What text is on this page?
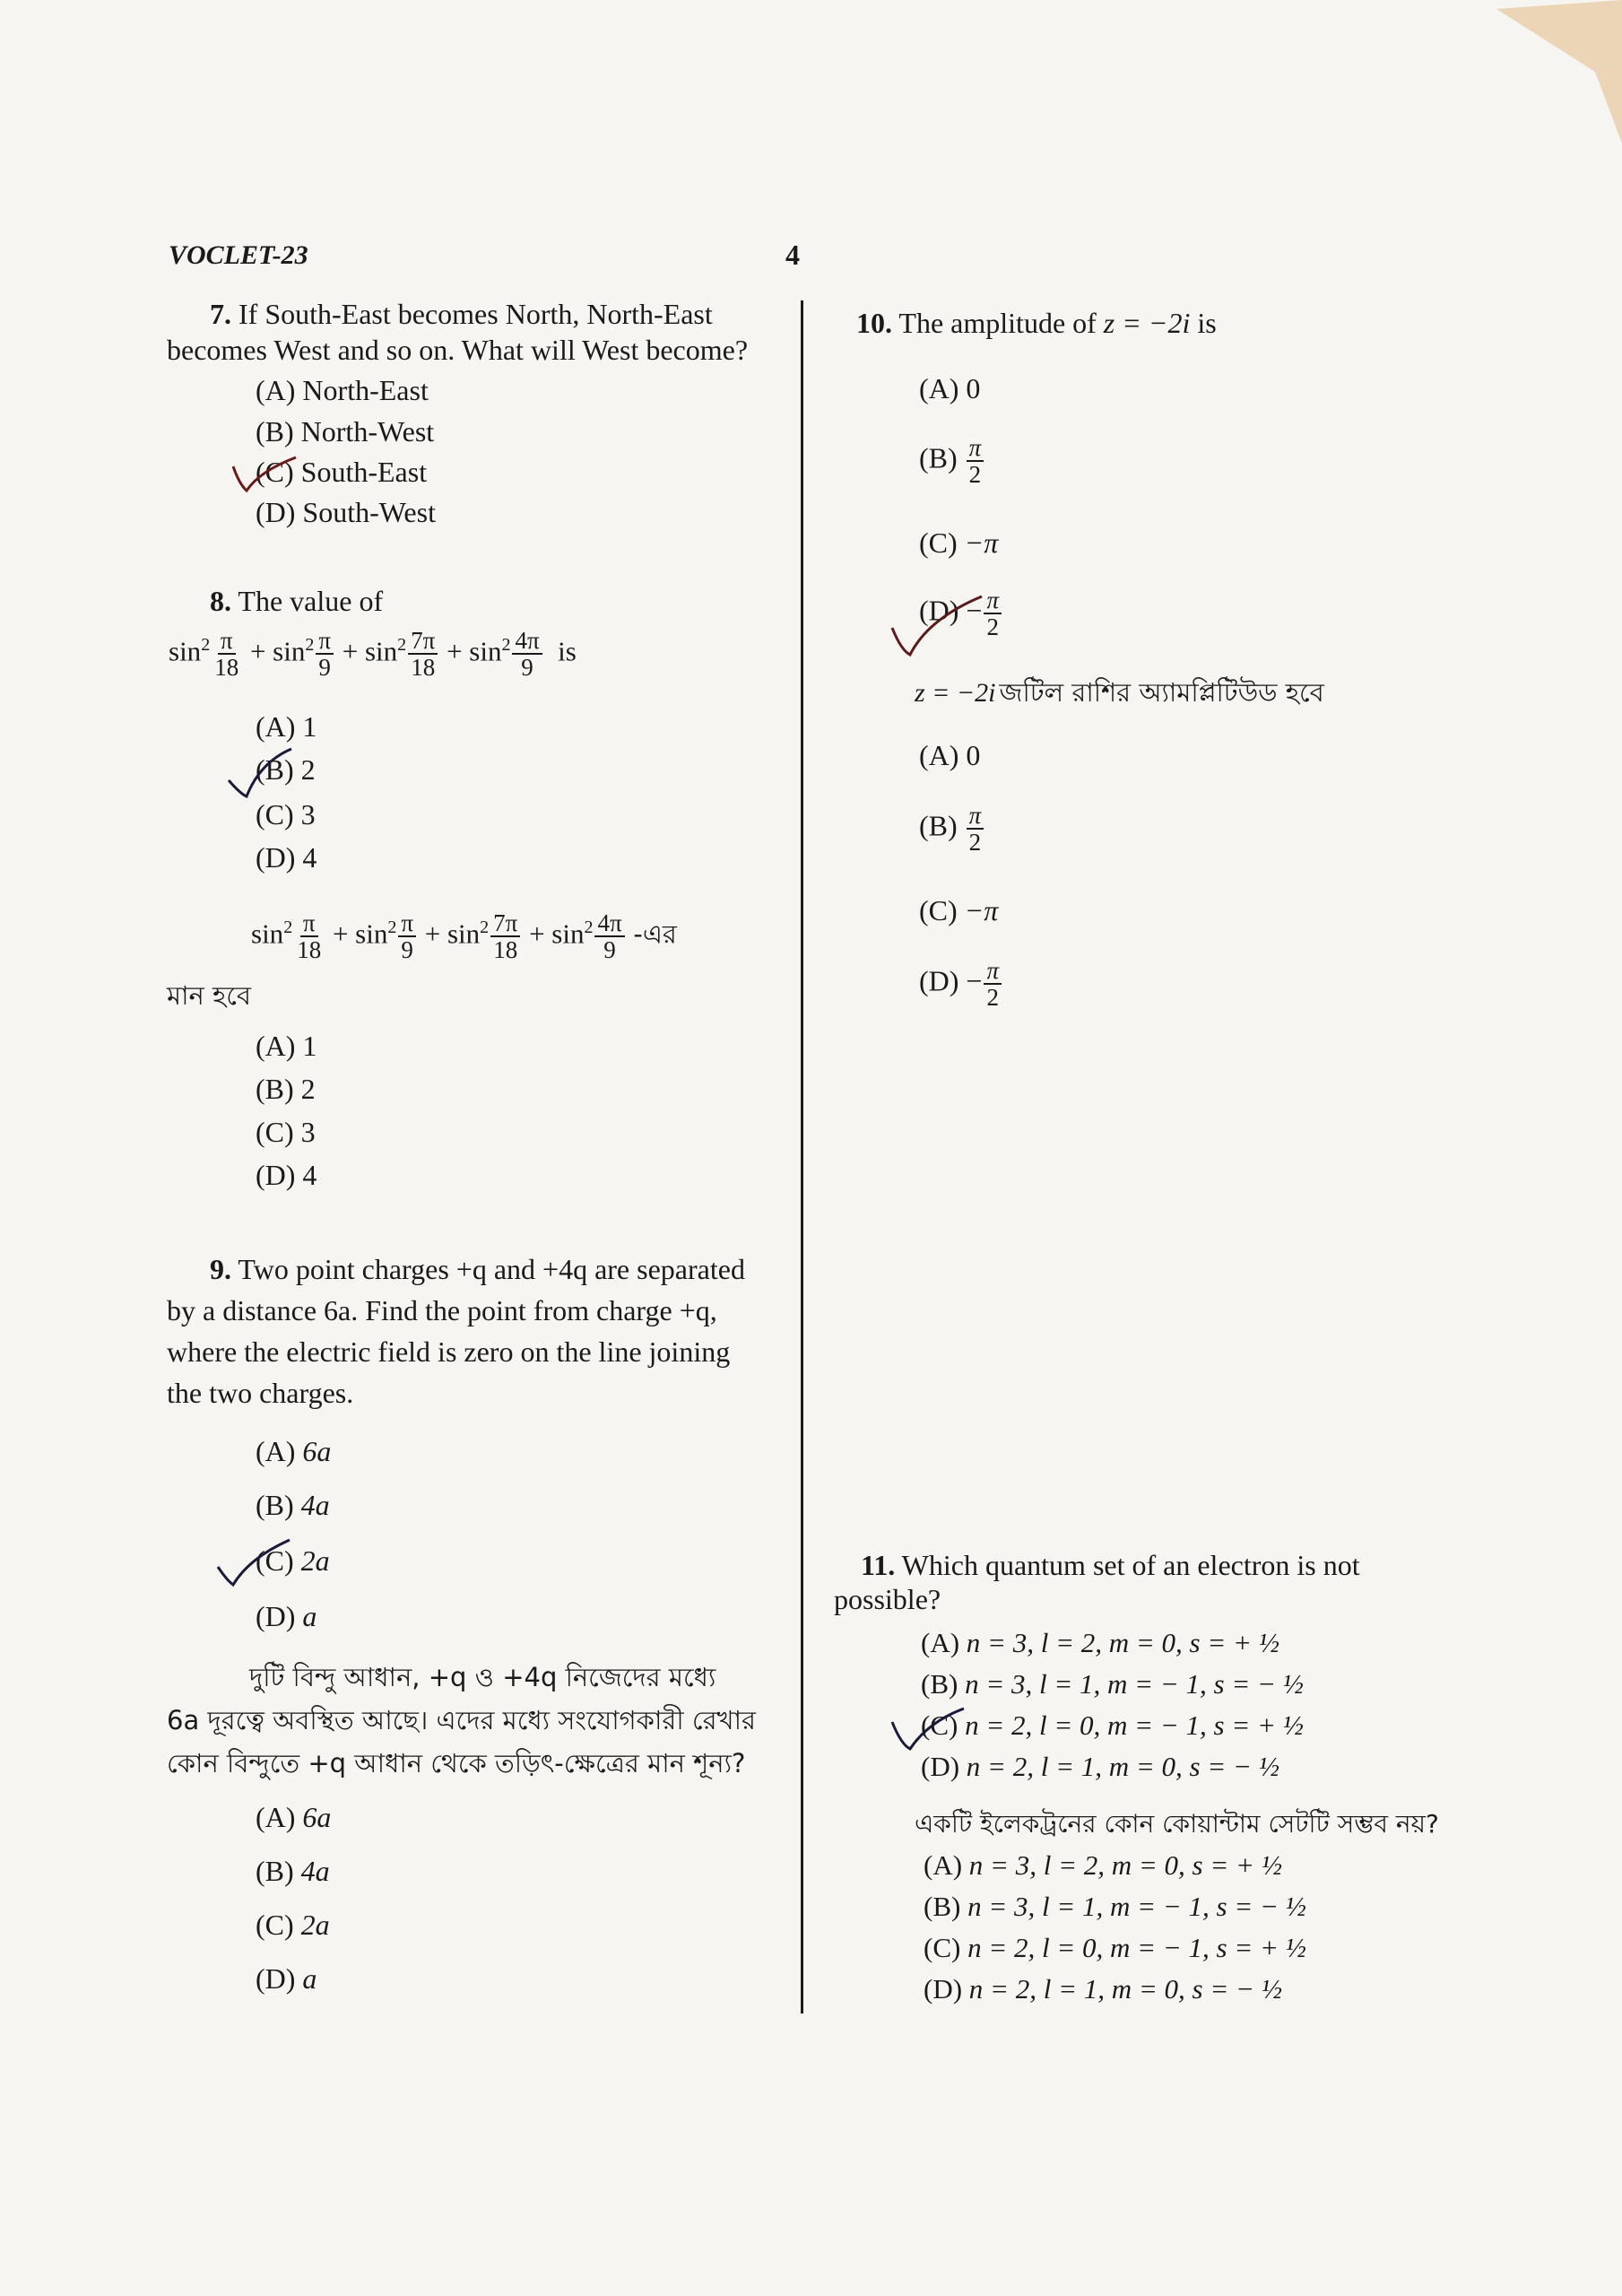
VOCLET-23	4
7. If South-East becomes North, North-East becomes West and so on. What will West become?
(A) North-East
(B) North-West
(C) South-East
(D) South-West
8. The value of
$\sin^2 \frac{\pi}{18} + \sin^2 \frac{\pi}{9} + \sin^2 \frac{7\pi}{18} + \sin^2 \frac{4\pi}{9}$ is
(A) 1
(B) 2
(C) 3
(D) 4
$\sin^2 \frac{\pi}{18} + \sin^2 \frac{\pi}{9} + \sin^2 \frac{7\pi}{18} + \sin^2 \frac{4\pi}{9}$ -এর
মান হবে
(A) 1
(B) 2
(C) 3
(D) 4
9. Two point charges +q and +4q are separated
by a distance 6a. Find the point from charge +q,
where the electric field is zero on the line joining
the two charges.
(A) 6a
(B) 4a
(C) 2a
(D) a
দুটি বিন্দু আধান, +q ও +4q নিজেদের মধ্যে
6a দূরত্বে অবস্থিত আছে। এদের মধ্যে সংযোগকারী রেখার
কোন বিন্দুতে +q আধান থেকে তড়িৎ-ক্ষেত্রের মান শূন্য?
(A) 6a
(B) 4a
(C) 2a
(D) a
10. The amplitude of z = −2i is
(A) 0
$(B) \frac{\pi}{2}$
(C) −π
$(D) - \frac{\pi}{2}$
z = −2i জটিল রাশির অ্যামপ্লিটিউড হবে
(A) 0
$(B) \frac{\pi}{2}$
(C) −π
$(D) - \frac{\pi}{2}$
11. Which quantum set of an electron is not
possible?
(A) n = 3, l = 2, m = 0, s = + ½
(B) n = 3, l = 1, m = − 1, s = − ½
(C) n = 2, l = 0, m = − 1, s = + ½
(D) n = 2, l = 1, m = 0, s = − ½
একটি ইলেকট্রনের কোন কোয়ান্টাম সেটটি সম্ভব নয়?
(A) n = 3, l = 2, m = 0, s = + ½
(B) n = 3, l = 1, m = − 1, s = − ½
(C) n = 2, l = 0, m = − 1, s = + ½
(D) n = 2, l = 1, m = 0, s = − ½
